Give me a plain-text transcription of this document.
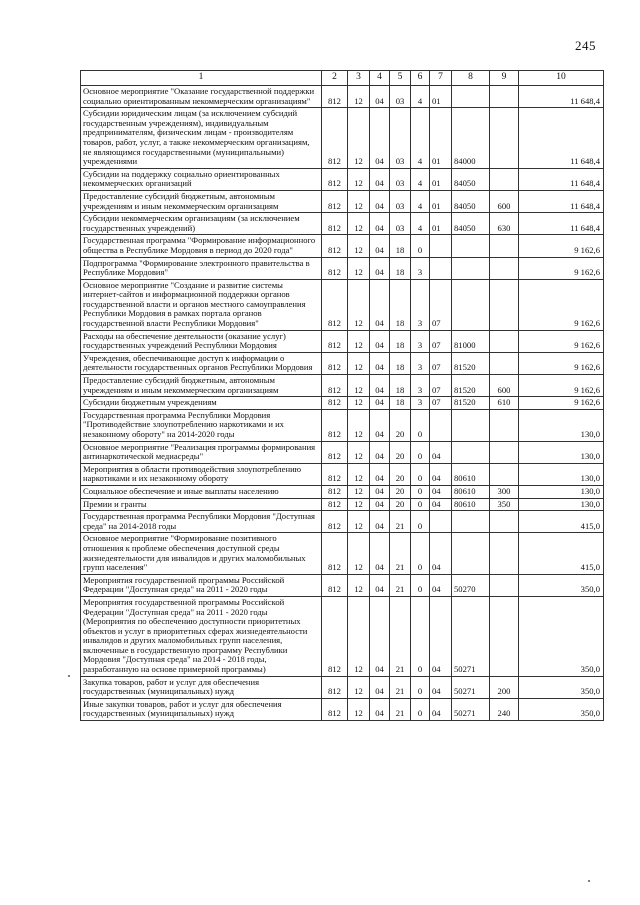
245
1	2	3	4	5	6	7	8	9	10
Основное мероприятие "Оказание государственной поддержки социально ориентированным некоммерческим организациям"	812	12	04	03	4	01			11 648,4
Субсидии юридическим лицам (за исключением субсидий государственным учреждениям), индивидуальным предпринимателям, физическим лицам - производителям товаров, работ, услуг, а также некоммерческим организациям, не являющимся государственными (муниципальными) учреждениями	812	12	04	03	4	01	84000		11 648,4
Субсидии на поддержку социально ориентированных некоммерческих организаций	812	12	04	03	4	01	84050		11 648,4
Предоставление субсидий бюджетным, автономным учреждениям и иным некоммерческим организациям	812	12	04	03	4	01	84050	600	11 648,4
Субсидии некоммерческим организациям (за исключением государственных учреждений)	812	12	04	03	4	01	84050	630	11 648,4
Государственная программа "Формирование информационного общества в Республике Мордовия в период до 2020 года"	812	12	04	18	0				9 162,6
Подпрограмма "Формирование электронного правительства в Республике Мордовия"	812	12	04	18	3				9 162,6
Основное мероприятие "Создание и развитие системы интернет-сайтов и информационной поддержки органов государственной власти и органов местного самоуправления Республики Мордовия в рамках портала органов государственной власти Республики Мордовия"	812	12	04	18	3	07			9 162,6
Расходы на обеспечение деятельности (оказание услуг) государственных учреждений Республики Мордовия	812	12	04	18	3	07	81000		9 162,6
Учреждения, обеспечивающие доступ к информации о деятельности государственных органов Республики Мордовия	812	12	04	18	3	07	81520		9 162,6
Предоставление субсидий бюджетным, автономным учреждениям и иным некоммерческим организациям	812	12	04	18	3	07	81520	600	9 162,6
Субсидии бюджетным учреждениям	812	12	04	18	3	07	81520	610	9 162,6
Государственная программа Республики Мордовия "Противодействие злоупотреблению наркотиками и их незаконному обороту" на 2014-2020 годы	812	12	04	20	0				130,0
Основное мероприятие "Реализация программы формирования антинаркотической медиасреды"	812	12	04	20	0	04			130,0
Мероприятия в области противодействия злоупотреблению наркотиками и их незаконному обороту	812	12	04	20	0	04	80610		130,0
Социальное обеспечение и иные выплаты населению	812	12	04	20	0	04	80610	300	130,0
Премии и гранты	812	12	04	20	0	04	80610	350	130,0
Государственная программа Республики Мордовия "Доступная среда" на 2014-2018 годы	812	12	04	21	0				415,0
Основное мероприятие "Формирование позитивного отношения к проблеме обеспечения доступной среды жизнедеятельности для инвалидов и других маломобильных групп населения"	812	12	04	21	0	04			415,0
Мероприятия государственной программы Российской Федерации "Доступная среда" на 2011 - 2020 годы	812	12	04	21	0	04	50270		350,0
Мероприятия государственной программы Российской Федерации "Доступная среда" на 2011 - 2020 годы (Мероприятия по обеспечению доступности приоритетных объектов и услуг в приоритетных сферах жизнедеятельности инвалидов и других маломобильных групп населения, включенные в государственную программу Республики Мордовия "Доступная среда" на 2014 - 2018 годы, разработанную на основе примерной программы)	812	12	04	21	0	04	50271		350,0
Закупка товаров, работ и услуг для обеспечения государственных (муниципальных) нужд	812	12	04	21	0	04	50271	200	350,0
Иные закупки товаров, работ и услуг для обеспечения государственных (муниципальных) нужд	812	12	04	21	0	04	50271	240	350,0
